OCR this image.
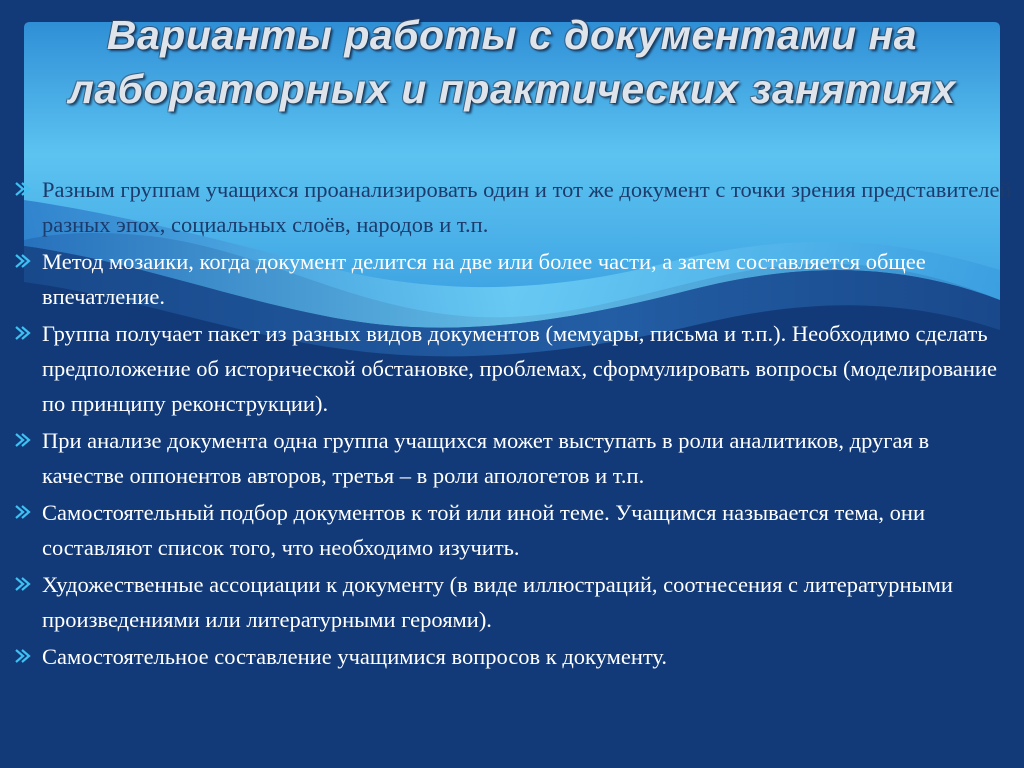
Варианты работы с документами на лабораторных и практических занятиях
Разным группам учащихся проанализировать один и тот же документ с точки зрения представителей разных эпох, социальных слоёв, народов и т.п.
Метод мозаики, когда документ делится на две или более части, а затем составляется общее впечатление.
Группа получает пакет из разных видов документов (мемуары, письма и т.п.). Необходимо сделать предположение об исторической обстановке, проблемах, сформулировать вопросы (моделирование по принципу реконструкции).
При анализе документа одна группа учащихся может выступать в роли аналитиков, другая в качестве оппонентов авторов, третья – в роли апологетов и т.п.
Самостоятельный подбор документов к той или иной теме. Учащимся называется тема, они составляют список того, что необходимо изучить.
Художественные ассоциации к документу (в виде иллюстраций, соотнесения с литературными произведениями или литературными героями).
Самостоятельное составление учащимися вопросов к документу.
